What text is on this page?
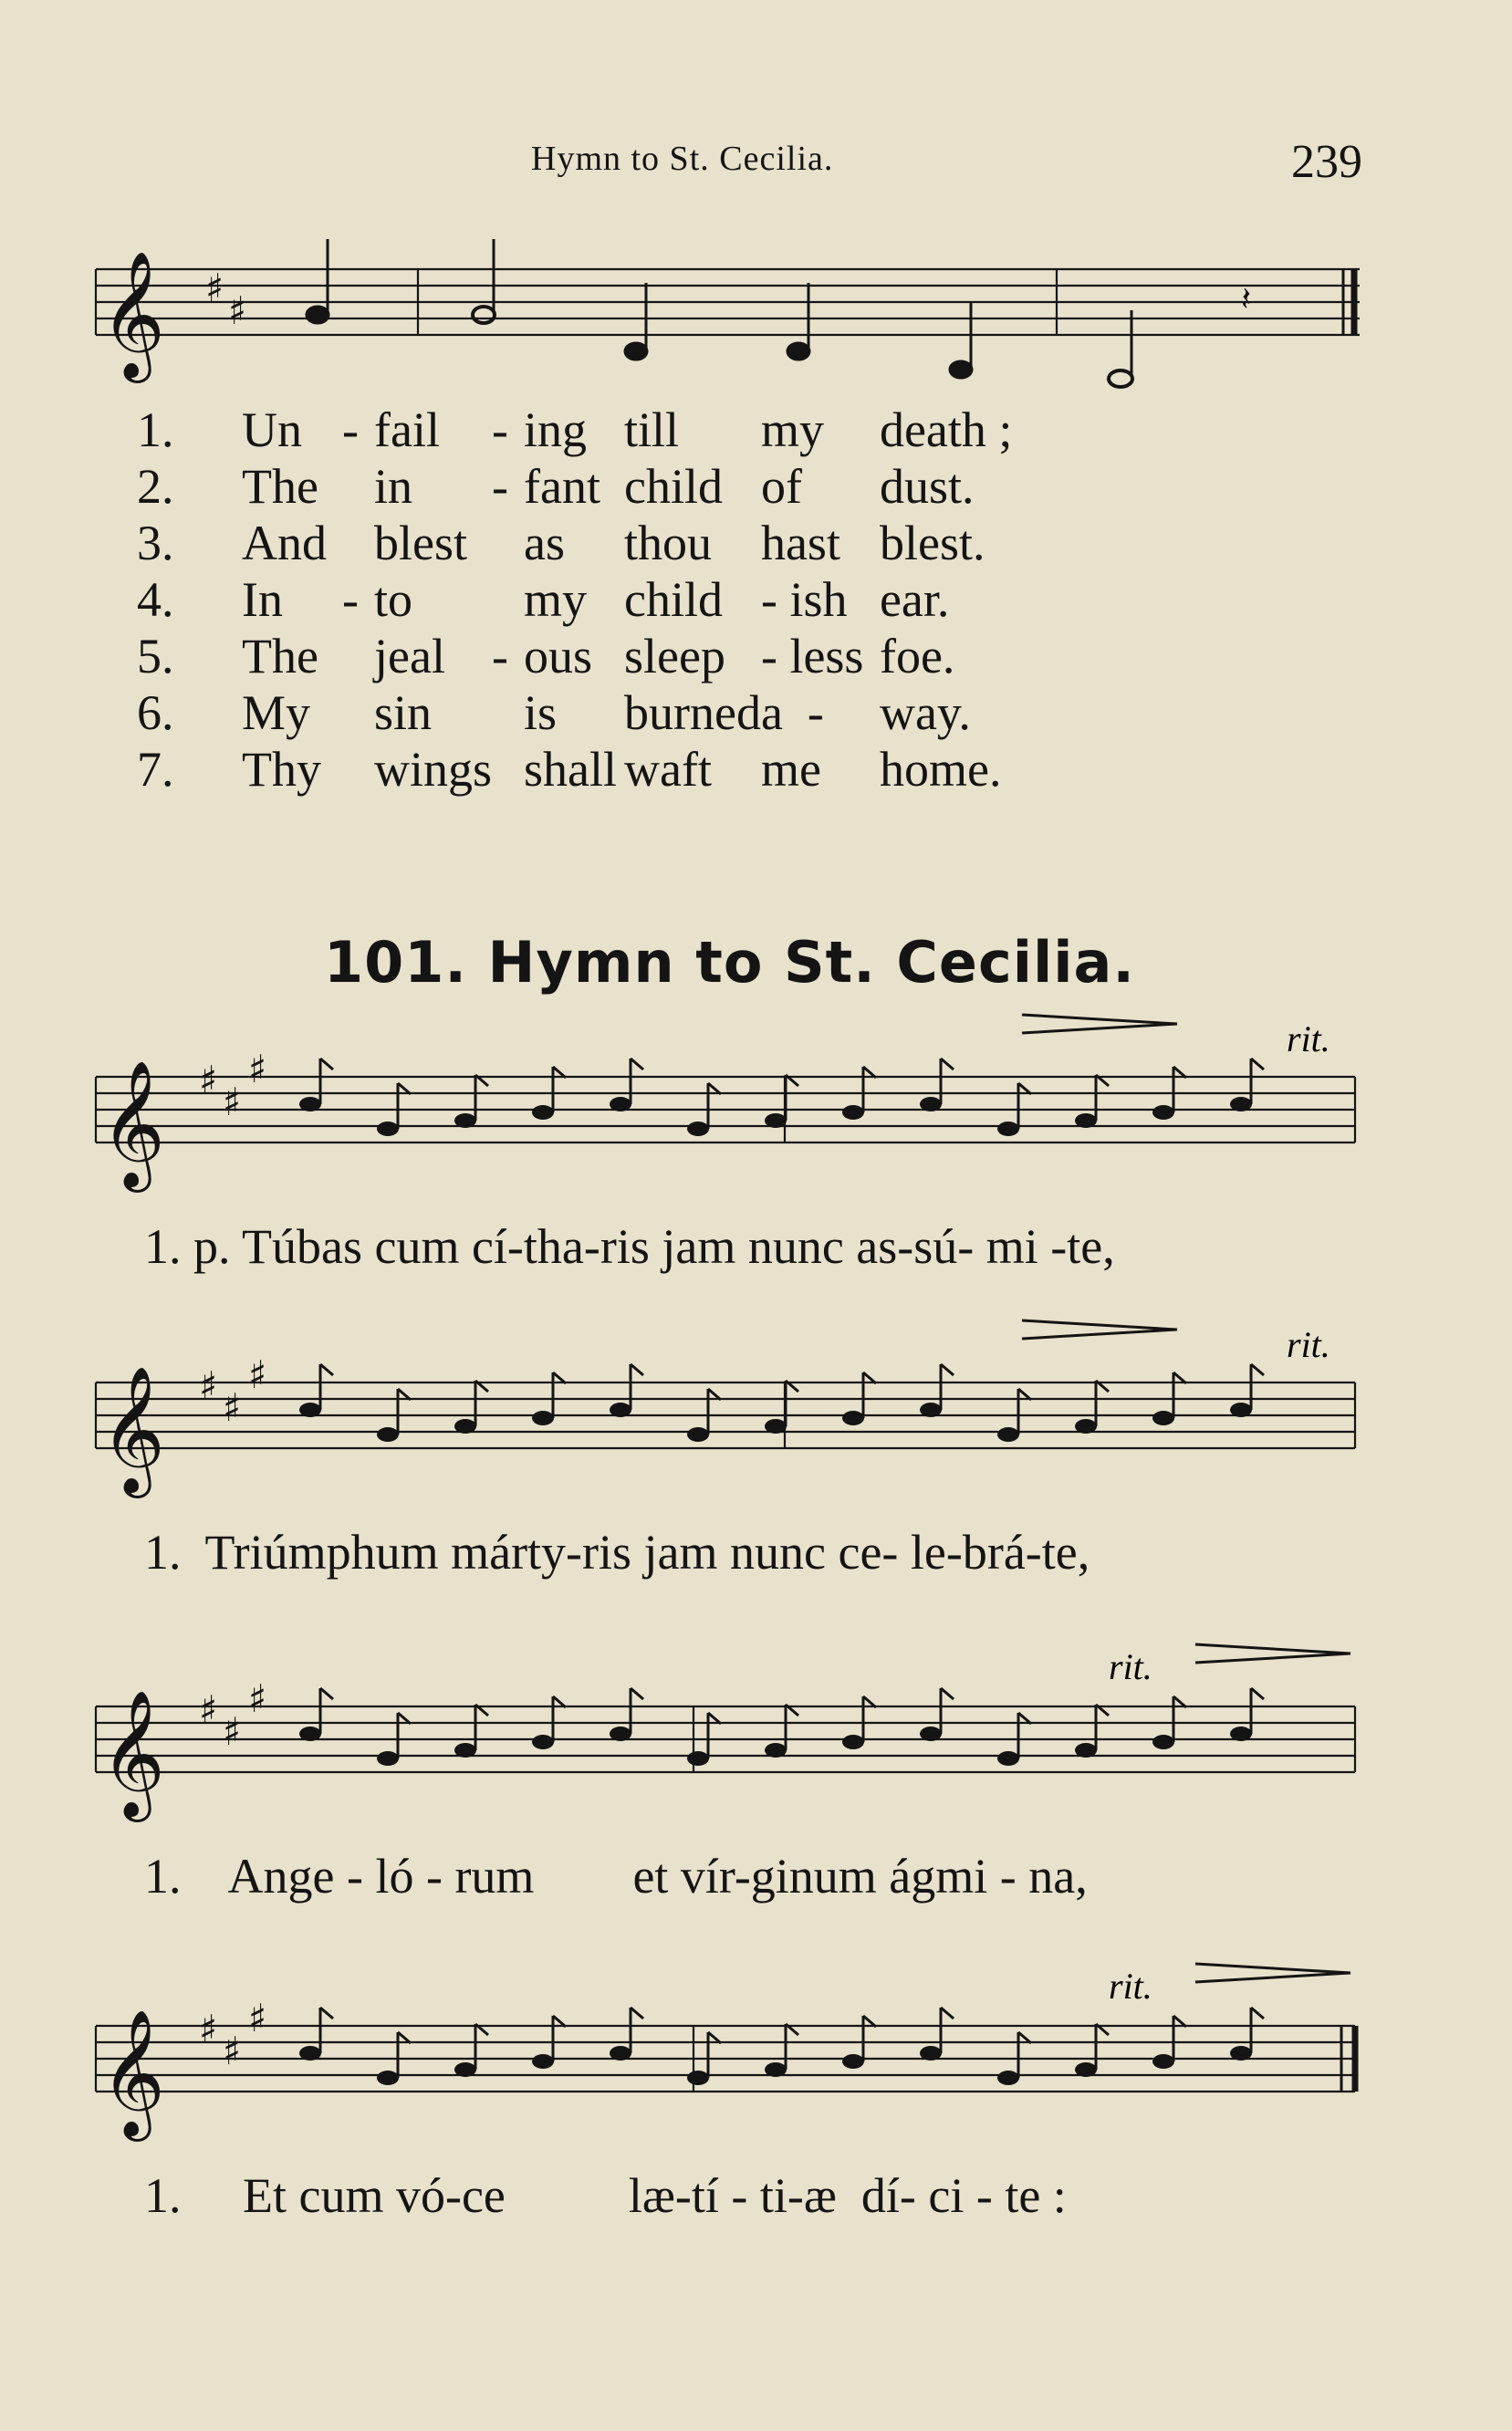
Hymn to St. Cecilia.	239
𝄞 ♯
♯	𝄽
1.	Un	-	fail	-	ing	till	my	death ;
2.	The		in	-	fant	child	of	dust.
3.	And		blest		as	thou	hast	blest.
4.	In	-	to		my	child	- ish	ear.
5.	The		jeal	-	ous	sleep	- less	foe.
6.	My		sin		is	burned	a  -	way.
7.	Thy		wings		shall	waft	me	home.
101. Hymn to St. Cecilia.
𝄞 ♯ ♯
♯
rit.
1. p. Túbas cum cí-tha-ris jam nunc as-sú- mi -te,
𝄞 ♯ ♯
♯
rit.
1.  Triúmphum márty-ris jam nunc ce- le-brá-te,
𝄞 ♯ ♯
♯
rit.
1.    Ange - ló - rum        et vír-ginum ágmi - na,
𝄞 ♯ ♯
♯
rit.
1.     Et cum vó-ce          læ-tí - ti-æ  dí- ci - te :
